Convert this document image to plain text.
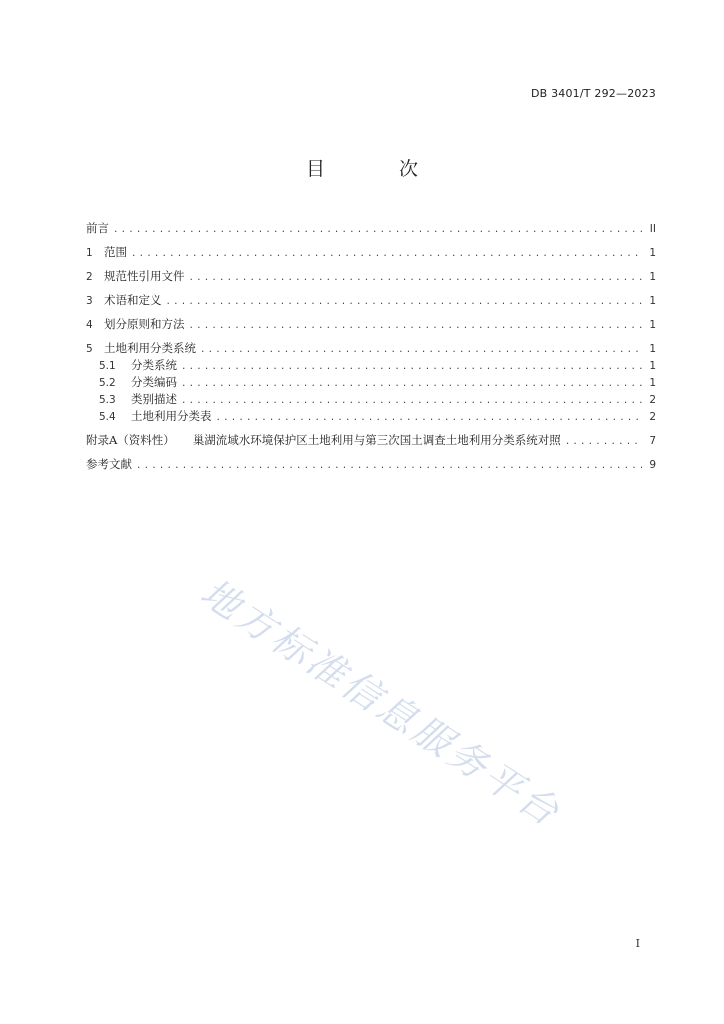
DB 3401/T 292—2023
目 次
前言 .....	II
1 范围 .....	1
2 规范性引用文件 .....	1
3 术语和定义 .....	1
4 划分原则和方法 .....	1
5 土地利用分类系统 .....	1
5.1	分类系统 .....	1
5.2	分类编码 .....	1
5.3	类别描述 .....	2
5.4	土地利用分类表 .....	2
附录A（资料性） 巢湖流域水环境保护区土地利用与第三次国土调查土地利用分类系统对照 .....	7
参考文献 .....	9
地方标准信息服务平台
I
